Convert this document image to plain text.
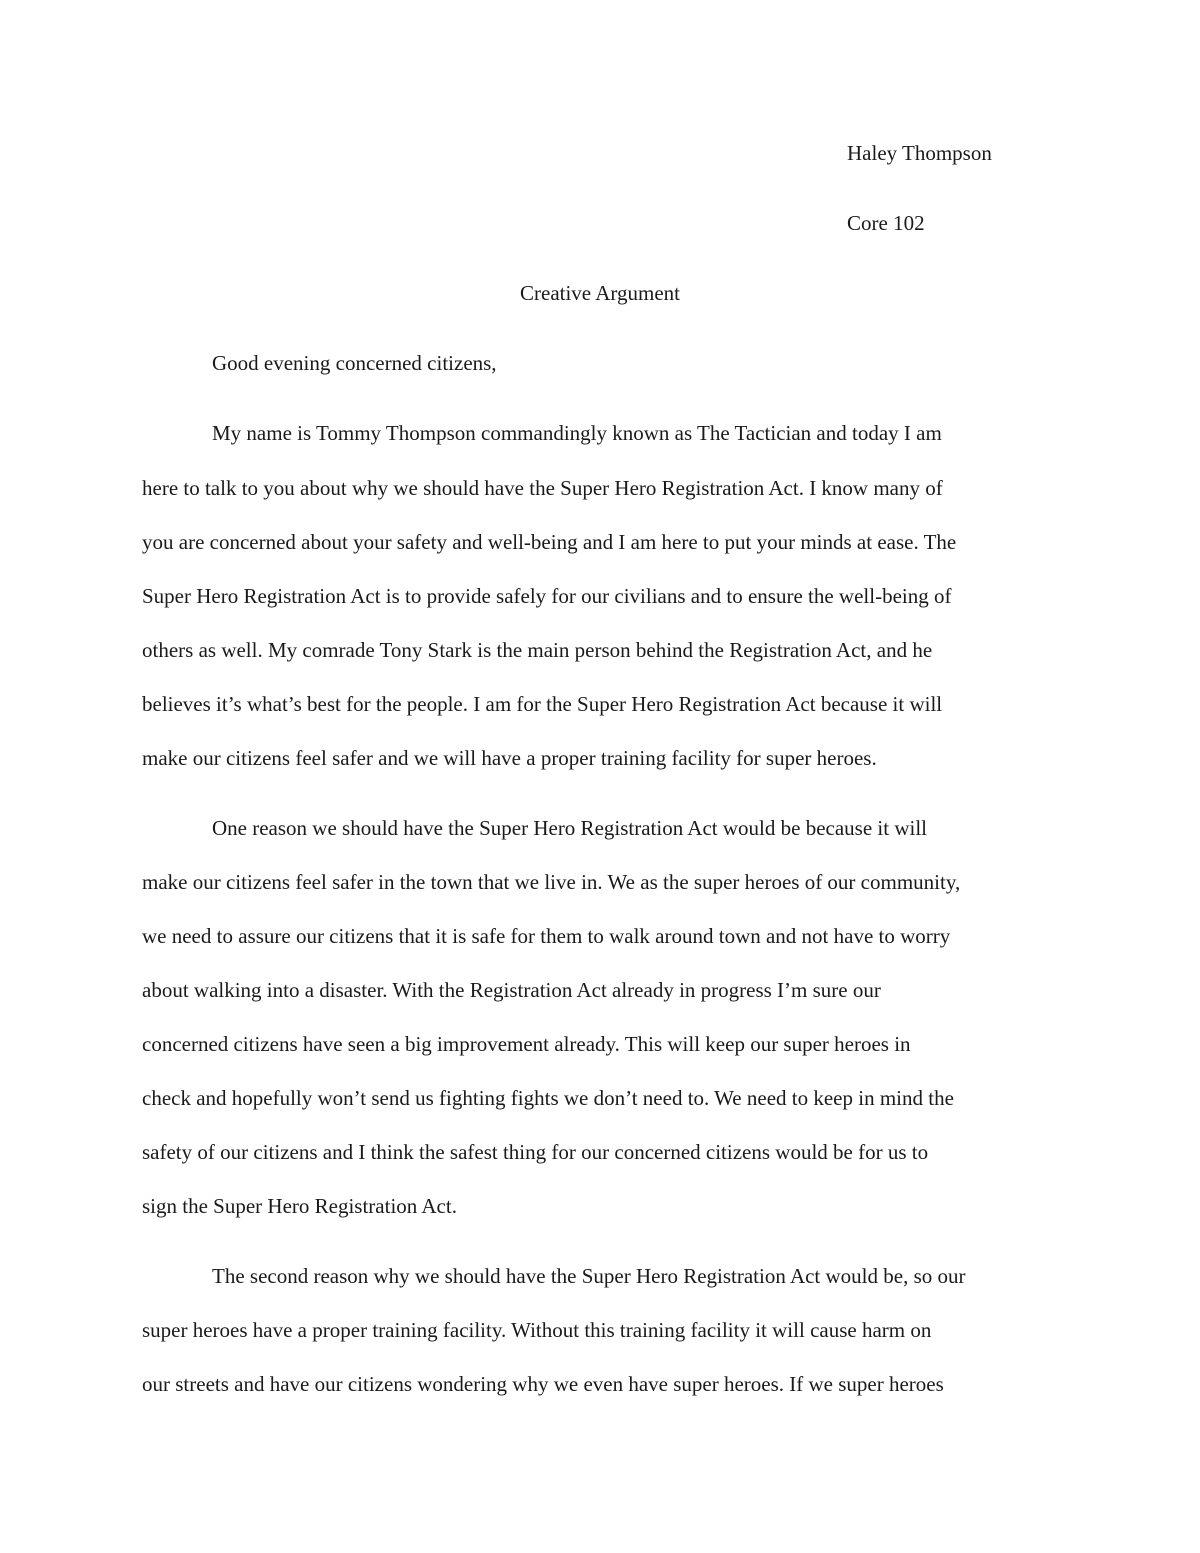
Haley Thompson
Core 102
Creative Argument
Good evening concerned citizens,
My name is Tommy Thompson commandingly known as The Tactician and today I am
here to talk to you about why we should have the Super Hero Registration Act. I know many of
you are concerned about your safety and well-being and I am here to put your minds at ease. The
Super Hero Registration Act is to provide safely for our civilians and to ensure the well-being of
others as well. My comrade Tony Stark is the main person behind the Registration Act, and he
believes it’s what’s best for the people. I am for the Super Hero Registration Act because it will
make our citizens feel safer and we will have a proper training facility for super heroes.
One reason we should have the Super Hero Registration Act would be because it will
make our citizens feel safer in the town that we live in. We as the super heroes of our community,
we need to assure our citizens that it is safe for them to walk around town and not have to worry
about walking into a disaster. With the Registration Act already in progress I’m sure our
concerned citizens have seen a big improvement already. This will keep our super heroes in
check and hopefully won’t send us fighting fights we don’t need to. We need to keep in mind the
safety of our citizens and I think the safest thing for our concerned citizens would be for us to
sign the Super Hero Registration Act.
The second reason why we should have the Super Hero Registration Act would be, so our
super heroes have a proper training facility. Without this training facility it will cause harm on
our streets and have our citizens wondering why we even have super heroes. If we super heroes
